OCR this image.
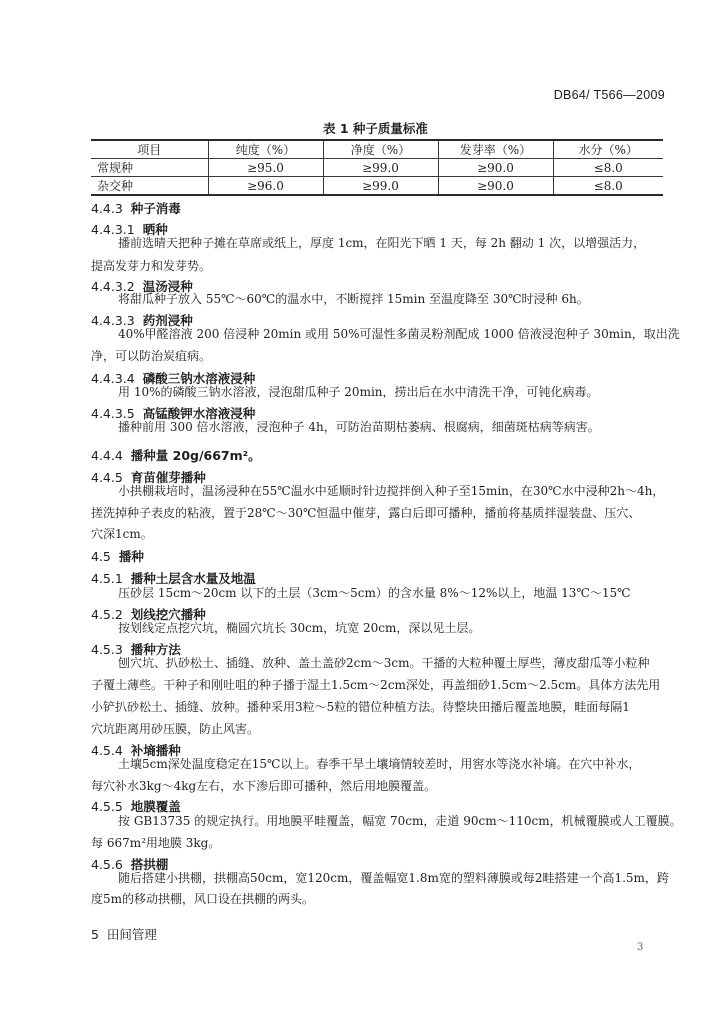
DB64/ T566—2009
表 1 种子质量标准
项目	纯度（%）	净度（%）	发芽率（%）	水分（%）
常规种	≥95.0	≥99.0	≥90.0	≤8.0
杂交种	≥96.0	≥99.0	≥90.0	≤8.0
4.4.3 种子消毒
4.4.3.1 晒种
播前选晴天把种子摊在草席或纸上，厚度 1cm，在阳光下晒 1 天，每 2h 翻动 1 次，以增强活力，
提高发芽力和发芽势。
4.4.3.2 温汤浸种
将甜瓜种子放入 55℃～60℃的温水中，不断搅拌 15min 至温度降至 30℃时浸种 6h。
4.4.3.3 药剂浸种
40%甲醛溶液 200 倍浸种 20min 或用 50%可湿性多菌灵粉剂配成 1000 倍液浸泡种子 30min，取出洗
净，可以防治炭疽病。
4.4.3.4 磷酸三钠水溶液浸种
用 10%的磷酸三钠水溶液，浸泡甜瓜种子 20min，捞出后在水中清洗干净，可钝化病毒。
4.4.3.5 高锰酸钾水溶液浸种
播种前用 300 倍水溶液，浸泡种子 4h，可防治苗期枯萎病、根腐病，细菌斑枯病等病害。
4.4.4 播种量 20g/667m²。
4.4.5 育苗催芽播种
小拱棚栽培时，温汤浸种在55℃温水中延顺时针边搅拌倒入种子至15min，在30℃水中浸种2h～4h，
搓洗掉种子表皮的粘液，置于28℃～30℃恒温中催芽，露白后即可播种，播前将基质拌湿装盘、压穴、
穴深1cm。
4.5 播种
4.5.1 播种土层含水量及地温
压砂层 15cm～20cm 以下的土层（3cm～5cm）的含水量 8%～12%以上，地温 13℃～15℃
4.5.2 划线挖穴播种
按划线定点挖穴坑，椭圆穴坑长 30cm，坑宽 20cm，深以见土层。
4.5.3 播种方法
刨穴坑、扒砂松土、插缝、放种、盖土盖砂2cm～3cm。干播的大粒种覆土厚些，薄皮甜瓜等小粒种
子覆土薄些。干种子和刚吐咀的种子播于湿土1.5cm～2cm深处，再盖细砂1.5cm～2.5cm。具体方法先用
小铲扒砂松土、插缝、放种。播种采用3粒～5粒的错位种植方法。待整块田播后覆盖地膜，畦面每隔1
穴坑距离用砂压膜，防止风害。
4.5.4 补墒播种
土壤5cm深处温度稳定在15℃以上。春季干旱土壤墒情较差时，用窖水等浇水补墒。在穴中补水，
每穴补水3kg～4kg左右，水下渗后即可播种，然后用地膜覆盖。
4.5.5 地膜覆盖
按 GB13735 的规定执行。用地膜平畦覆盖，幅宽 70cm，走道 90cm～110cm，机械覆膜或人工覆膜。
每 667m²用地膜 3kg。
4.5.6 搭拱棚
随后搭建小拱棚，拱棚高50cm，宽120cm，覆盖幅宽1.8m宽的塑料薄膜或每2畦搭建一个高1.5m，跨
度5m的移动拱棚，风口设在拱棚的两头。
5 田间管理
3
